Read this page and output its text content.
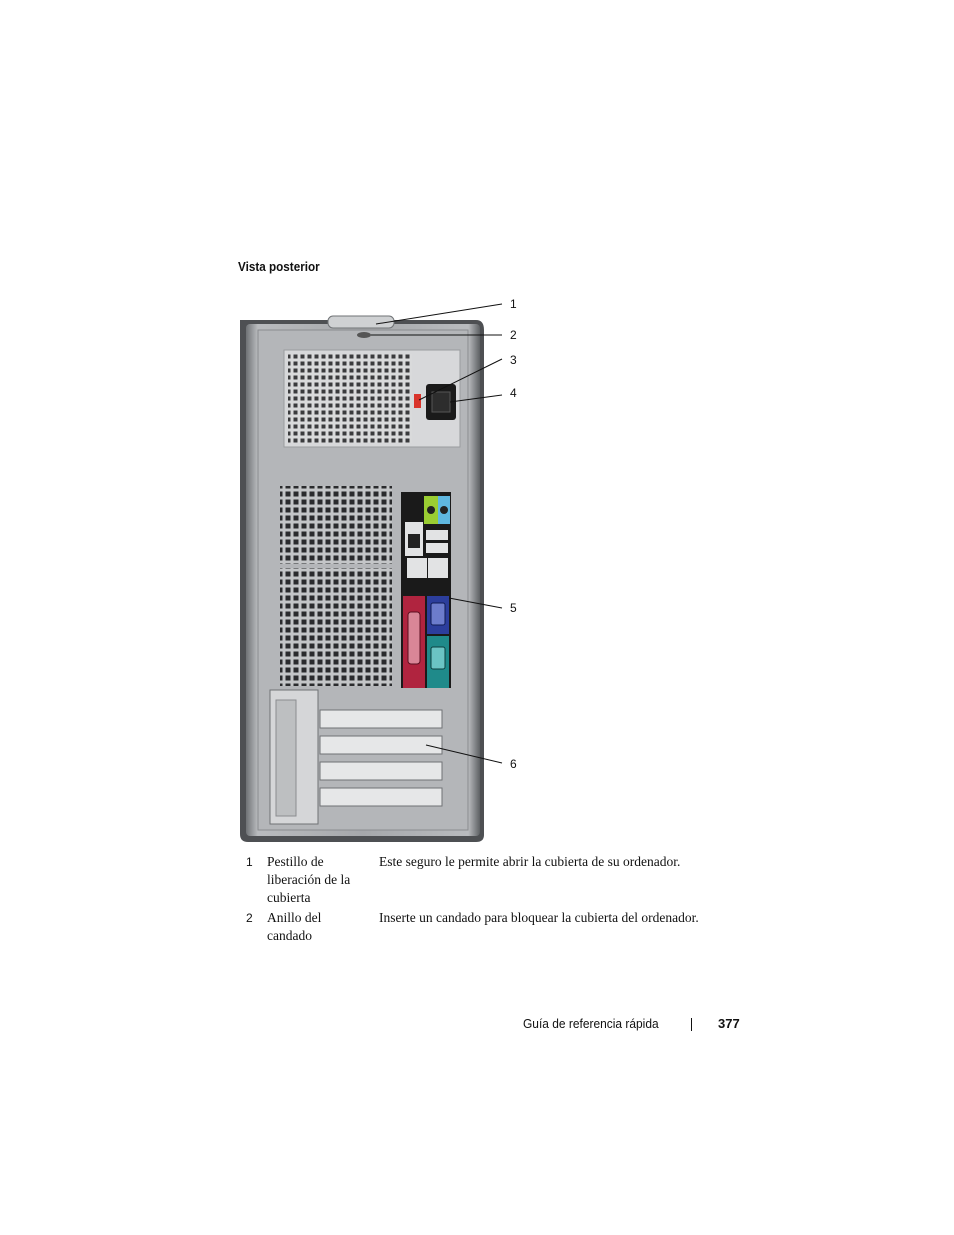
Vista posterior
1
2
3
4
5
6
1 Pestillo de liberación de la cubierta
Este seguro le permite abrir la cubierta de su ordenador.
2 Anillo del candado
Inserte un candado para bloquear la cubierta del ordenador.
Guía de referencia rápida	377
